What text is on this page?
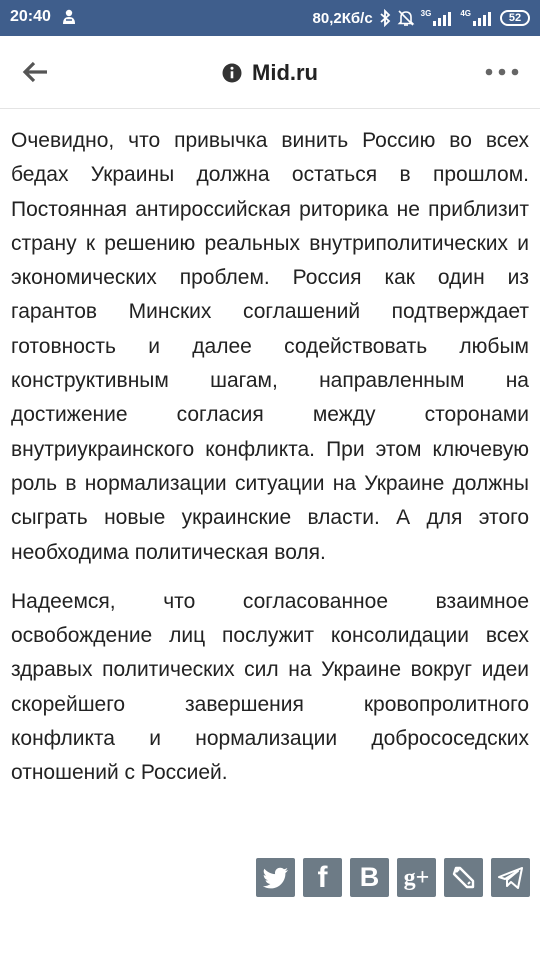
20:40	80,2Кб/с	3G	4G	52
Mid.ru

Очевидно, что привычка винить Россию во всех бедах Украины должна остаться в прошлом. Постоянная антироссийская риторика не приблизит страну к решению реальных внутриполитических и экономических проблем. Россия как один из гарантов Минских соглашений подтверждает готовность и далее содействовать любым конструктивным шагам, направленным на достижение согласия между сторонами внутриукраинского конфликта. При этом ключевую роль в нормализации ситуации на Украине должны сыграть новые украинские власти. А для этого необходима политическая воля.

Надеемся, что согласованное взаимное освобождение лиц послужит консолидации всех здравых политических сил на Украине вокруг идеи скорейшего завершения кровопролитного конфликта и нормализации добрососедских отношений с Россией.

f B g+
